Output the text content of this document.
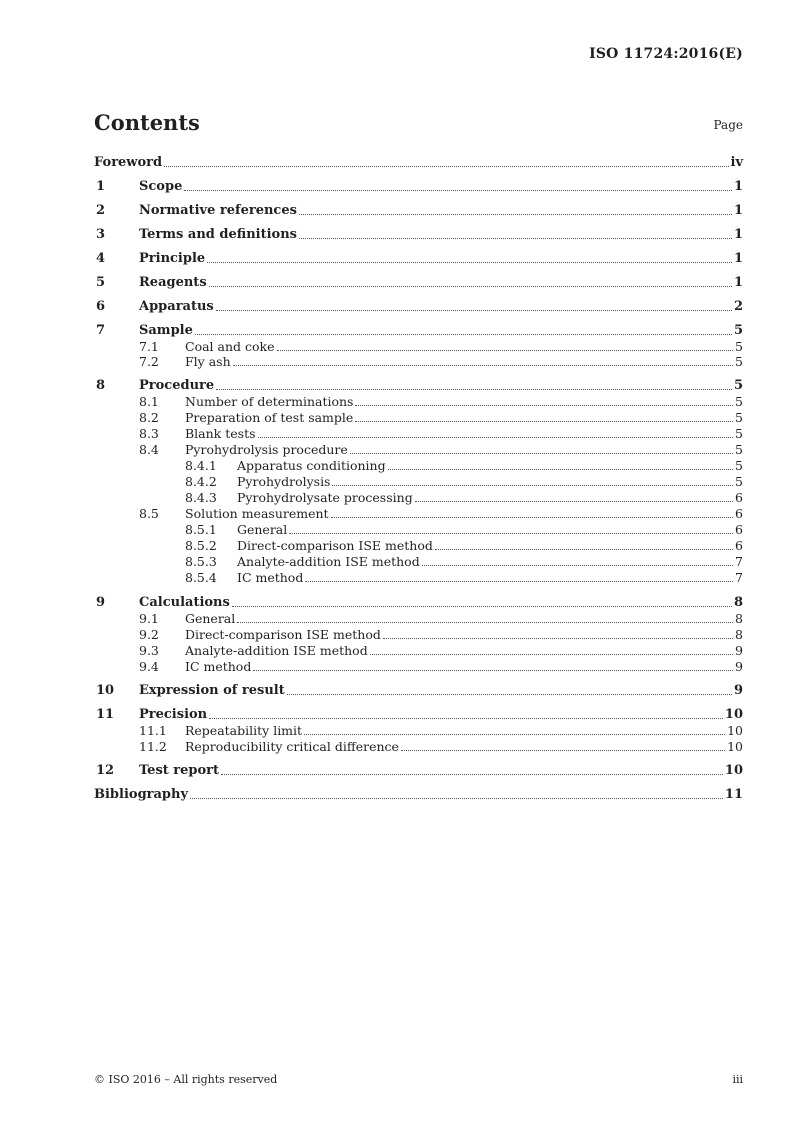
ISO 11724:2016(E)
Contents	Page
Foreword	iv
1	Scope	1
2	Normative references	1
3	Terms and definitions	1
4	Principle	1
5	Reagents	1
6	Apparatus	2
7	Sample	5
7.1 Coal and coke	5
7.2 Fly ash	5
8	Procedure	5
8.1 Number of determinations	5
8.2 Preparation of test sample	5
8.3 Blank tests	5
8.4 Pyrohydrolysis procedure	5
8.4.1 Apparatus conditioning	5
8.4.2 Pyrohydrolysis	5
8.4.3 Pyrohydrolysate processing	6
8.5 Solution measurement	6
8.5.1 General	6
8.5.2 Direct-comparison ISE method	6
8.5.3 Analyte-addition ISE method	7
8.5.4 IC method	7
9	Calculations	8
9.1 General	8
9.2 Direct-comparison ISE method	8
9.3 Analyte-addition ISE method	9
9.4 IC method	9
10 Expression of result	9
11 Precision	10
11.1 Repeatability limit	10
11.2 Reproducibility critical difference	10
12 Test report	10
Bibliography	11
© ISO 2016 – All rights reserved	iii
